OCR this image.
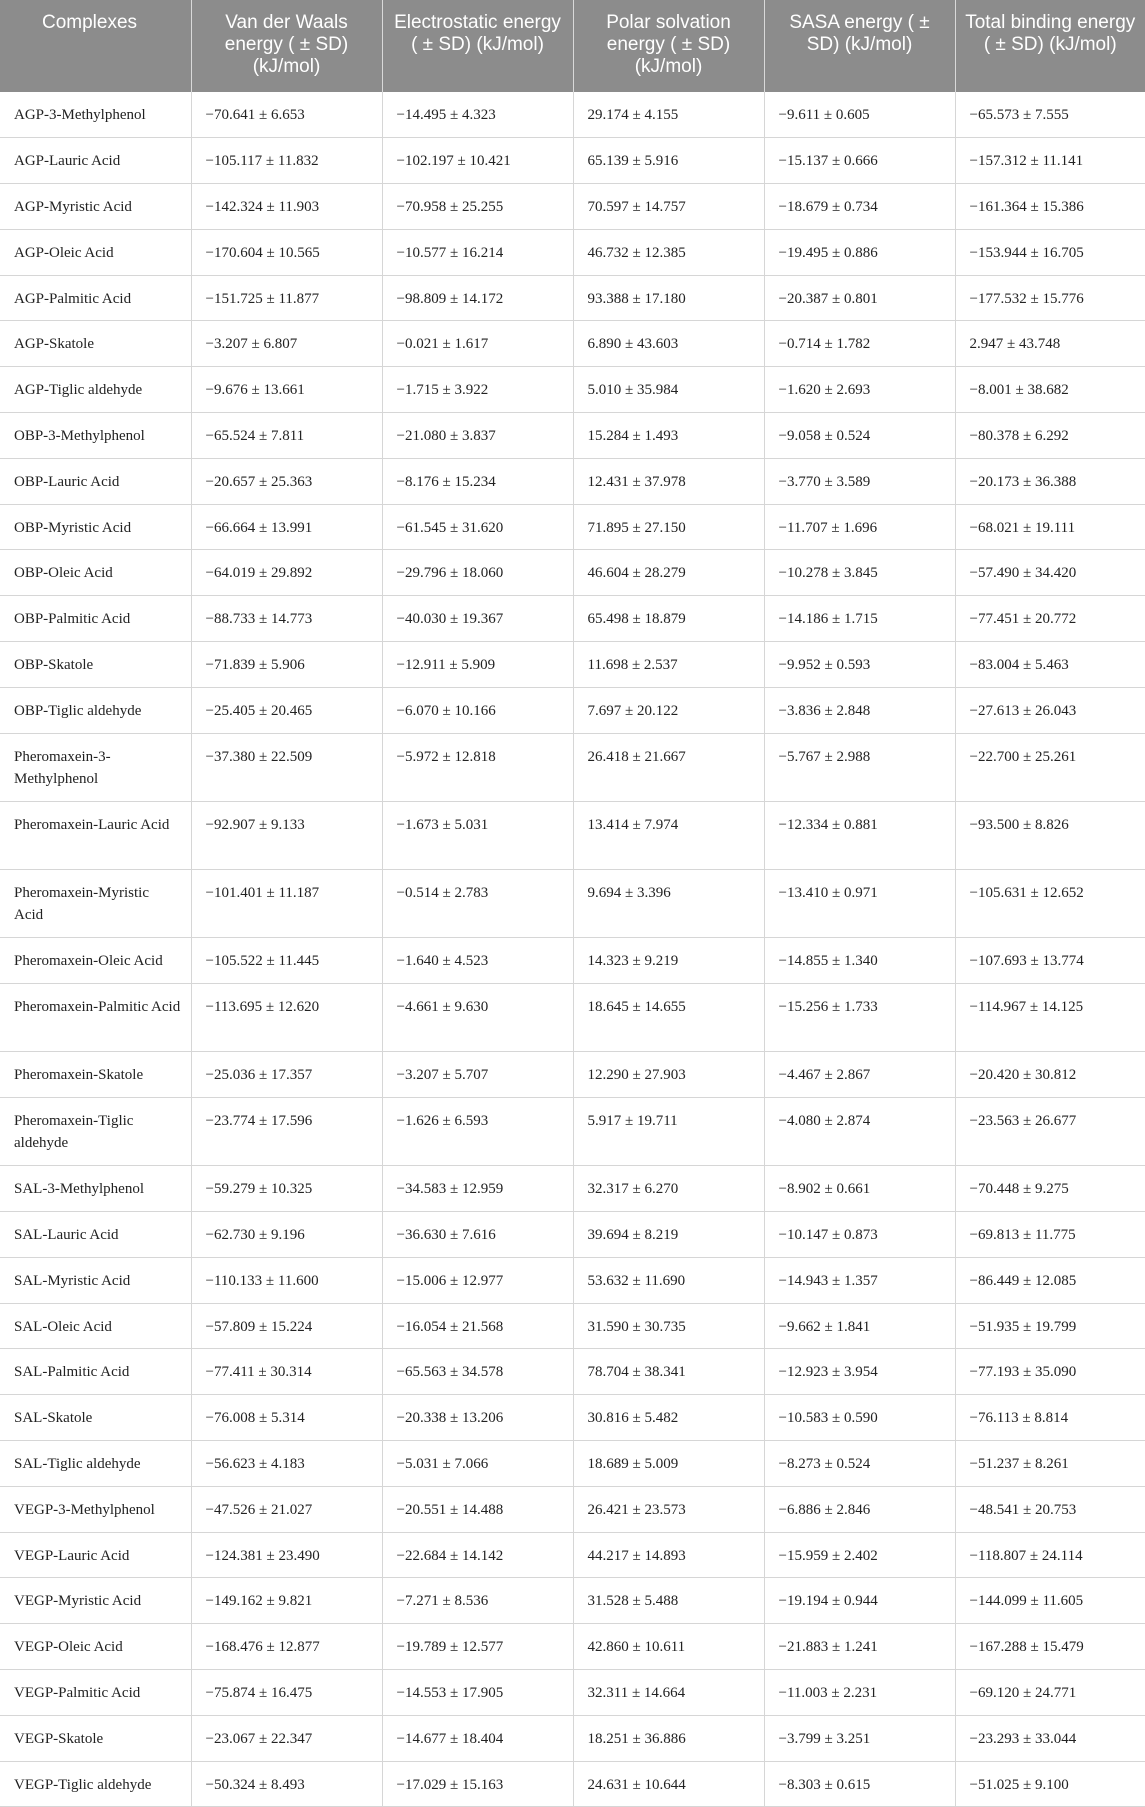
Complexes	Van der Waals energy ( ± SD) (kJ/mol)	Electrostatic energy ( ± SD) (kJ/mol)	Polar solvation energy ( ± SD) (kJ/mol)	SASA energy ( ± SD) (kJ/mol)	Total binding energy ( ± SD) (kJ/mol)
AGP-3-Methylphenol	−70.641 ± 6.653	−14.495 ± 4.323	29.174 ± 4.155	−9.611 ± 0.605	−65.573 ± 7.555
AGP-Lauric Acid	−105.117 ± 11.832	−102.197 ± 10.421	65.139 ± 5.916	−15.137 ± 0.666	−157.312 ± 11.141
AGP-Myristic Acid	−142.324 ± 11.903	−70.958 ± 25.255	70.597 ± 14.757	−18.679 ± 0.734	−161.364 ± 15.386
AGP-Oleic Acid	−170.604 ± 10.565	−10.577 ± 16.214	46.732 ± 12.385	−19.495 ± 0.886	−153.944 ± 16.705
AGP-Palmitic Acid	−151.725 ± 11.877	−98.809 ± 14.172	93.388 ± 17.180	−20.387 ± 0.801	−177.532 ± 15.776
AGP-Skatole	−3.207 ± 6.807	−0.021 ± 1.617	6.890 ± 43.603	−0.714 ± 1.782	2.947 ± 43.748
AGP-Tiglic aldehyde	−9.676 ± 13.661	−1.715 ± 3.922	5.010 ± 35.984	−1.620 ± 2.693	−8.001 ± 38.682
OBP-3-Methylphenol	−65.524 ± 7.811	−21.080 ± 3.837	15.284 ± 1.493	−9.058 ± 0.524	−80.378 ± 6.292
OBP-Lauric Acid	−20.657 ± 25.363	−8.176 ± 15.234	12.431 ± 37.978	−3.770 ± 3.589	−20.173 ± 36.388
OBP-Myristic Acid	−66.664 ± 13.991	−61.545 ± 31.620	71.895 ± 27.150	−11.707 ± 1.696	−68.021 ± 19.111
OBP-Oleic Acid	−64.019 ± 29.892	−29.796 ± 18.060	46.604 ± 28.279	−10.278 ± 3.845	−57.490 ± 34.420
OBP-Palmitic Acid	−88.733 ± 14.773	−40.030 ± 19.367	65.498 ± 18.879	−14.186 ± 1.715	−77.451 ± 20.772
OBP-Skatole	−71.839 ± 5.906	−12.911 ± 5.909	11.698 ± 2.537	−9.952 ± 0.593	−83.004 ± 5.463
OBP-Tiglic aldehyde	−25.405 ± 20.465	−6.070 ± 10.166	7.697 ± 20.122	−3.836 ± 2.848	−27.613 ± 26.043
Pheromaxein-3-Methylphenol	−37.380 ± 22.509	−5.972 ± 12.818	26.418 ± 21.667	−5.767 ± 2.988	−22.700 ± 25.261
Pheromaxein-Lauric Acid	−92.907 ± 9.133	−1.673 ± 5.031	13.414 ± 7.974	−12.334 ± 0.881	−93.500 ± 8.826
Pheromaxein-Myristic Acid	−101.401 ± 11.187	−0.514 ± 2.783	9.694 ± 3.396	−13.410 ± 0.971	−105.631 ± 12.652
Pheromaxein-Oleic Acid	−105.522 ± 11.445	−1.640 ± 4.523	14.323 ± 9.219	−14.855 ± 1.340	−107.693 ± 13.774
Pheromaxein-Palmitic Acid	−113.695 ± 12.620	−4.661 ± 9.630	18.645 ± 14.655	−15.256 ± 1.733	−114.967 ± 14.125
Pheromaxein-Skatole	−25.036 ± 17.357	−3.207 ± 5.707	12.290 ± 27.903	−4.467 ± 2.867	−20.420 ± 30.812
Pheromaxein-Tiglic aldehyde	−23.774 ± 17.596	−1.626 ± 6.593	5.917 ± 19.711	−4.080 ± 2.874	−23.563 ± 26.677
SAL-3-Methylphenol	−59.279 ± 10.325	−34.583 ± 12.959	32.317 ± 6.270	−8.902 ± 0.661	−70.448 ± 9.275
SAL-Lauric Acid	−62.730 ± 9.196	−36.630 ± 7.616	39.694 ± 8.219	−10.147 ± 0.873	−69.813 ± 11.775
SAL-Myristic Acid	−110.133 ± 11.600	−15.006 ± 12.977	53.632 ± 11.690	−14.943 ± 1.357	−86.449 ± 12.085
SAL-Oleic Acid	−57.809 ± 15.224	−16.054 ± 21.568	31.590 ± 30.735	−9.662 ± 1.841	−51.935 ± 19.799
SAL-Palmitic Acid	−77.411 ± 30.314	−65.563 ± 34.578	78.704 ± 38.341	−12.923 ± 3.954	−77.193 ± 35.090
SAL-Skatole	−76.008 ± 5.314	−20.338 ± 13.206	30.816 ± 5.482	−10.583 ± 0.590	−76.113 ± 8.814
SAL-Tiglic aldehyde	−56.623 ± 4.183	−5.031 ± 7.066	18.689 ± 5.009	−8.273 ± 0.524	−51.237 ± 8.261
VEGP-3-Methylphenol	−47.526 ± 21.027	−20.551 ± 14.488	26.421 ± 23.573	−6.886 ± 2.846	−48.541 ± 20.753
VEGP-Lauric Acid	−124.381 ± 23.490	−22.684 ± 14.142	44.217 ± 14.893	−15.959 ± 2.402	−118.807 ± 24.114
VEGP-Myristic Acid	−149.162 ± 9.821	−7.271 ± 8.536	31.528 ± 5.488	−19.194 ± 0.944	−144.099 ± 11.605
VEGP-Oleic Acid	−168.476 ± 12.877	−19.789 ± 12.577	42.860 ± 10.611	−21.883 ± 1.241	−167.288 ± 15.479
VEGP-Palmitic Acid	−75.874 ± 16.475	−14.553 ± 17.905	32.311 ± 14.664	−11.003 ± 2.231	−69.120 ± 24.771
VEGP-Skatole	−23.067 ± 22.347	−14.677 ± 18.404	18.251 ± 36.886	−3.799 ± 3.251	−23.293 ± 33.044
VEGP-Tiglic aldehyde	−50.324 ± 8.493	−17.029 ± 15.163	24.631 ± 10.644	−8.303 ± 0.615	−51.025 ± 9.100
